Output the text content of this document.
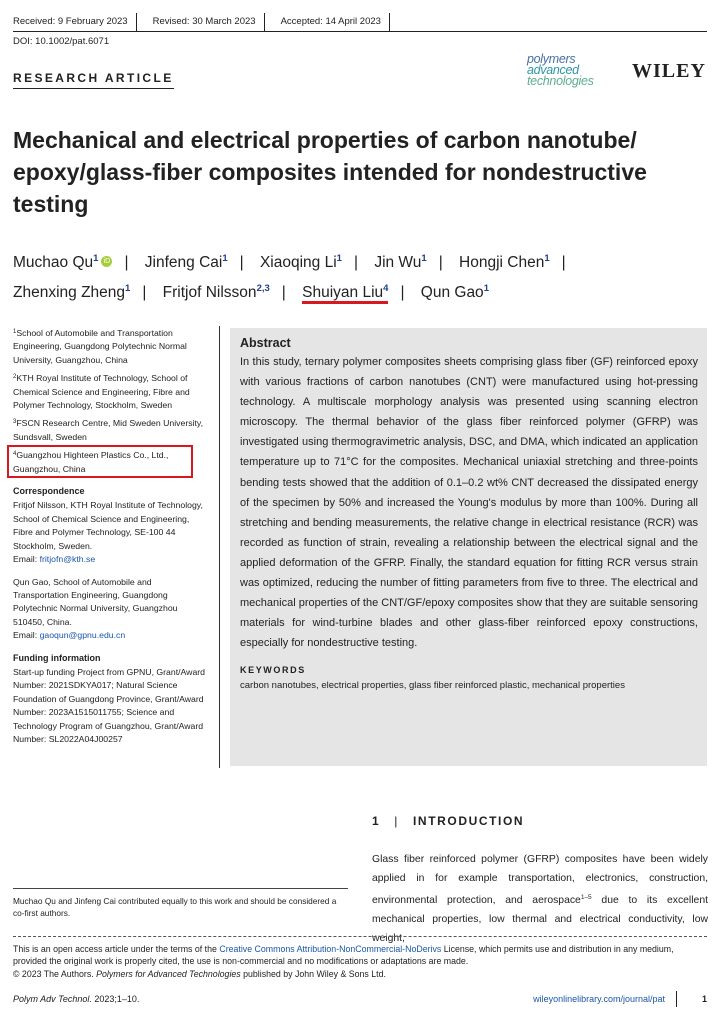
Received: 9 February 2023	Revised: 30 March 2023	Accepted: 14 April 2023
DOI: 10.1002/pat.6071
RESEARCH ARTICLE
polymers
advanced
technologies	WILEY
Mechanical and electrical properties of carbon nanotube/ epoxy/glass-fiber composites intended for nondestructive testing
Muchao Qu$^1$ iD | Jinfeng Cai$^1$ | Xiaoqing Li$^1$ | Jin Wu$^1$ | Hongji Chen$^1$ |
Zhenxing Zheng$^1$ | Fritjof Nilsson$^{2,3}$ | Shuiyan Liu$^4$ | Qun Gao$^1$
$^1$School of Automobile and Transportation Engineering, Guangdong Polytechnic Normal University, Guangzhou, China
$^2$KTH Royal Institute of Technology, School of Chemical Science and Engineering, Fibre and Polymer Technology, Stockholm, Sweden
$^3$FSCN Research Centre, Mid Sweden University, Sundsvall, Sweden
$^4$Guangzhou Highteen Plastics Co., Ltd., Guangzhou, China
Correspondence
Fritjof Nilsson, KTH Royal Institute of Technology, School of Chemical Science and Engineering, Fibre and Polymer Technology, SE-100 44 Stockholm, Sweden.
Email: fritjofn@kth.se
Qun Gao, School of Automobile and Transportation Engineering, Guangdong Polytechnic Normal University, Guangzhou 510450, China.
Email: gaoqun@gpnu.edu.cn
Funding information
Start-up funding Project from GPNU, Grant/Award Number: 2021SDKYA017; Natural Science Foundation of Guangdong Province, Grant/Award Number: 2023A1515011755; Science and Technology Program of Guangzhou, Grant/Award Number: SL2022A04J00257
Abstract

In this study, ternary polymer composites sheets comprising glass fiber (GF) reinforced epoxy with various fractions of carbon nanotubes (CNT) were manufactured using hot-pressing technology. A multiscale morphology analysis was presented using scanning electron microscopy. The thermal behavior of the glass fiber reinforced polymer (GFRP) was investigated using thermogravimetric analysis, DSC, and DMA, which indicated an application temperature up to 71°C for the composites. Mechanical uniaxial stretching and three-points bending tests showed that the addition of 0.1–0.2 wt% CNT decreased the dissipated energy of the specimen by 50% and increased the Young's modulus by more than 100%. During all stretching and bending measurements, the relative change in electrical resistance (RCR) was recorded as function of strain, revealing a relationship between the electrical signal and the applied deformation of the GFRP. Finally, the standard equation for fitting RCR versus strain was optimized, reducing the number of fitting parameters from five to three. The electrical and mechanical properties of the CNT/GF/epoxy composites show that they are suitable sensoring materials for wind-turbine blades and other glass-fiber reinforced epoxy constructions, especially for nondestructive testing.

KEYWORDS
carbon nanotubes, electrical properties, glass fiber reinforced plastic, mechanical properties
1 | INTRODUCTION

Glass fiber reinforced polymer (GFRP) composites have been widely applied in for example transportation, electronics, construction, environmental protection, and aerospace$^{1-5}$ due to its excellent mechanical properties, low thermal and electrical conductivity, low weight,

Muchao Qu and Jinfeng Cai contributed equally to this work and should be considered a co-first authors.
This is an open access article under the terms of the Creative Commons Attribution-NonCommercial-NoDerivs License, which permits use and distribution in any medium, provided the original work is properly cited, the use is non-commercial and no modifications or adaptations are made.
© 2023 The Authors. Polymers for Advanced Technologies published by John Wiley & Sons Ltd.
Polym Adv Technol. 2023;1–10.	wileyonlinelibrary.com/journal/pat	1
